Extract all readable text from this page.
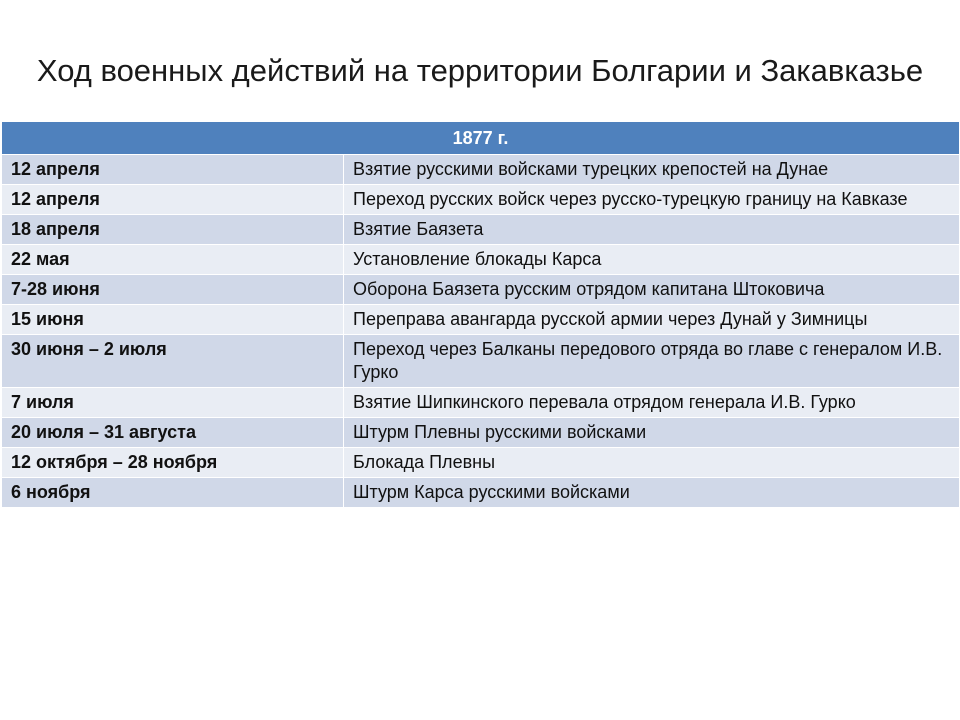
Ход военных действий на территории Болгарии и Закавказье
1877 г.	
12 апреля	Взятие русскими войсками турецких крепостей на Дунае
12 апреля	Переход русских войск через русско-турецкую границу на Кавказе
18 апреля	Взятие Баязета
22 мая	Установление блокады Карса
7-28 июня	Оборона Баязета русским отрядом капитана Штоковича
15 июня	Переправа авангарда русской армии через Дунай у Зимницы
30 июня – 2 июля	Переход через Балканы передового отряда во главе с генералом И.В. Гурко
7 июля	Взятие Шипкинского перевала отрядом генерала И.В. Гурко
20 июля – 31 августа	Штурм Плевны русскими войсками
12 октября – 28 ноября	Блокада Плевны
6 ноября	Штурм Карса русскими войсками
